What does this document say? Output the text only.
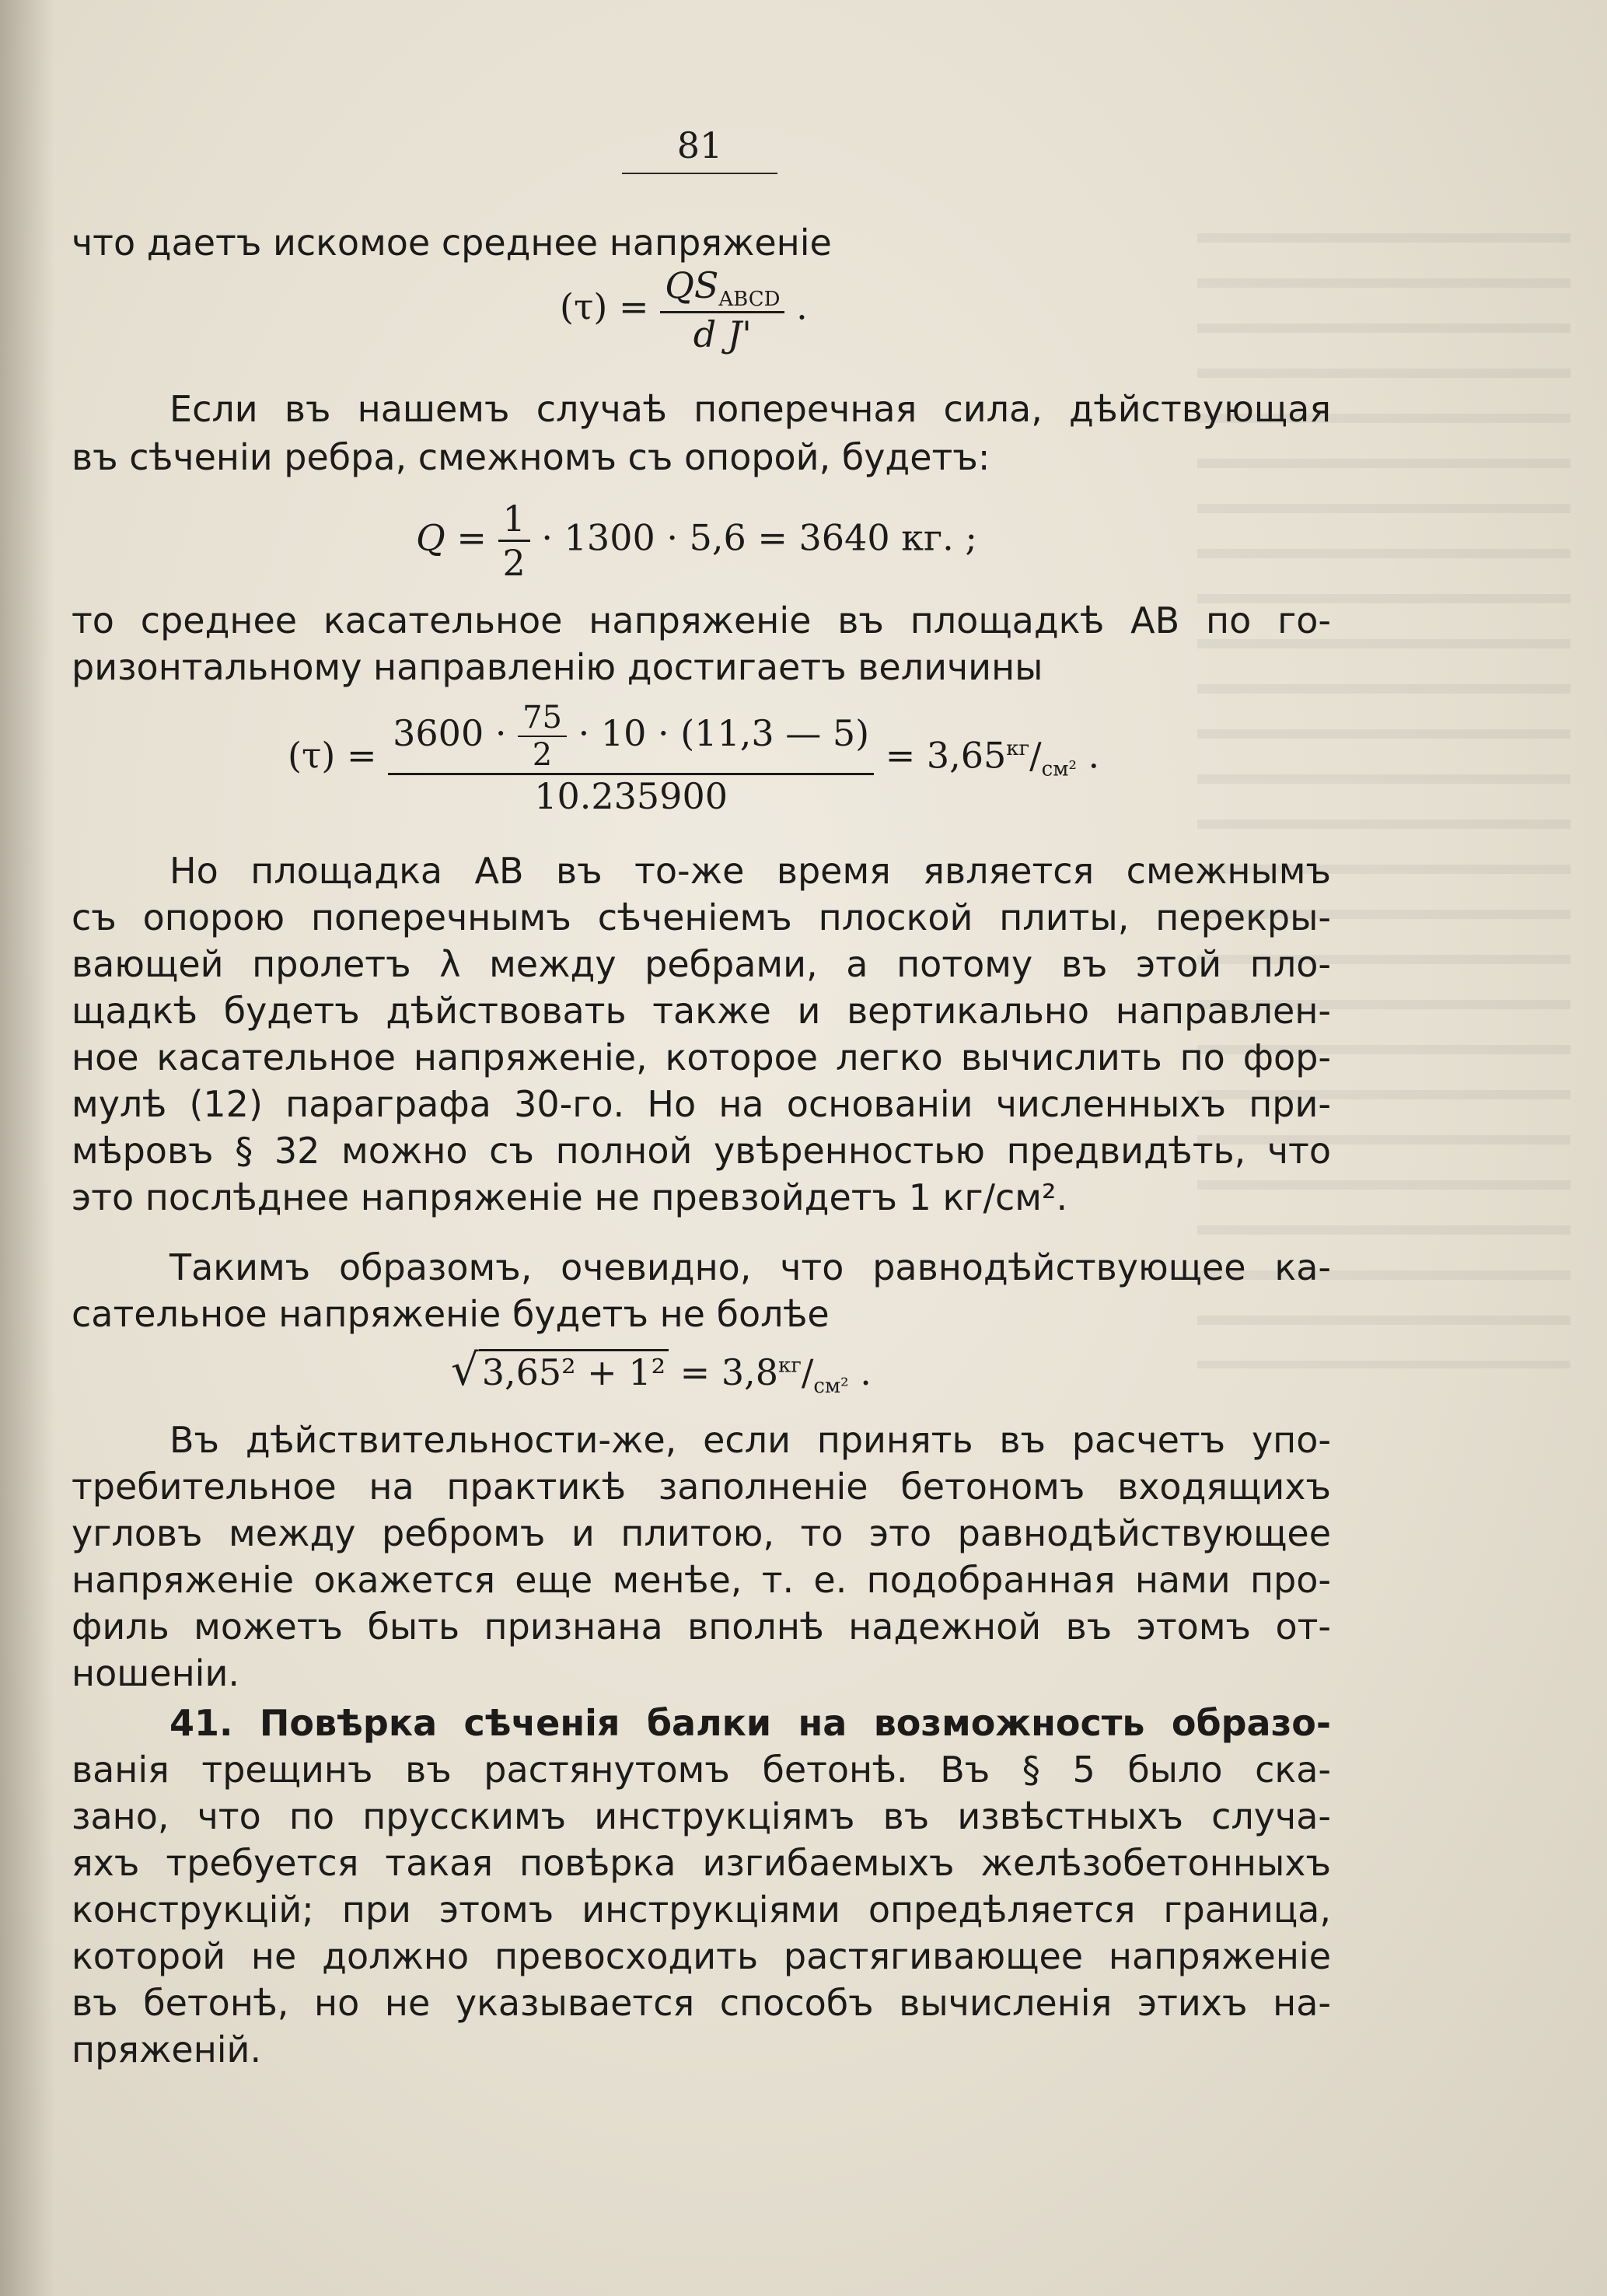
81
что даетъ искомое среднее напряженіе
$(\tau) = \frac{QS_{ABCD}}{\text{d J'}}$ .
Если въ нашемъ случаѣ поперечная сила, дѣйствующая
въ сѣченіи ребра, смежномъ съ опорой, будетъ:
$Q = \frac{1}{2} \cdot 1300 \cdot 5,6 = 3640$ кг. ;
то среднее касательное напряженіе въ площадкѣ AB по го-
ризонтальному направленію достигаетъ величины
(τ) =
$3600 \cdot \frac{75}{2} \cdot 10 \cdot (11,3$ — 5)
10.235900
= $3,65^{кг}/_{см^2}$ .
Но площадка AB въ то-же время является смежнымъ
съ опорою поперечнымъ сѣченіемъ плоской плиты, перекры-
вающей пролетъ λ между ребрами, а потому въ этой пло-
щадкѣ будетъ дѣйствовать также и вертикально направлен-
ное касательное напряженіе, которое легко вычислить по фор-
мулѣ (12) параграфа 30-го. Но на основаніи численныхъ при-
мѣровъ § 32 можно съ полной увѣренностью предвидѣть, что
это послѣднее напряженіе не превзойдетъ 1 кг/см².
Такимъ образомъ, очевидно, что равнодѣйствующее ка-
сательное напряженіе будетъ не болѣе
$√3,65^2 + 1^2 = 3,8^{кг}/_{см^2}$ .
Въ дѣйствительности-же, если принять въ расчетъ упо-
требительное на практикѣ заполненіе бетономъ входящихъ
угловъ между ребромъ и плитою, то это равнодѣйствующее
напряженіе окажется еще менѣе, т. е. подобранная нами про-
филь можетъ быть признана вполнѣ надежной въ этомъ от-
ношеніи.
41. Повѣрка сѣченія балки на возможность образо-
ванія трещинъ въ растянутомъ бетонѣ. Въ § 5 было ска-
зано, что по прусскимъ инструкціямъ въ извѣстныхъ случа-
яхъ требуется такая повѣрка изгибаемыхъ желѣзобетонныхъ
конструкцій; при этомъ инструкціями опредѣляется граница,
которой не должно превосходить растягивающее напряженіе
въ бетонѣ, но не указывается способъ вычисленія этихъ на-
пряженій.
